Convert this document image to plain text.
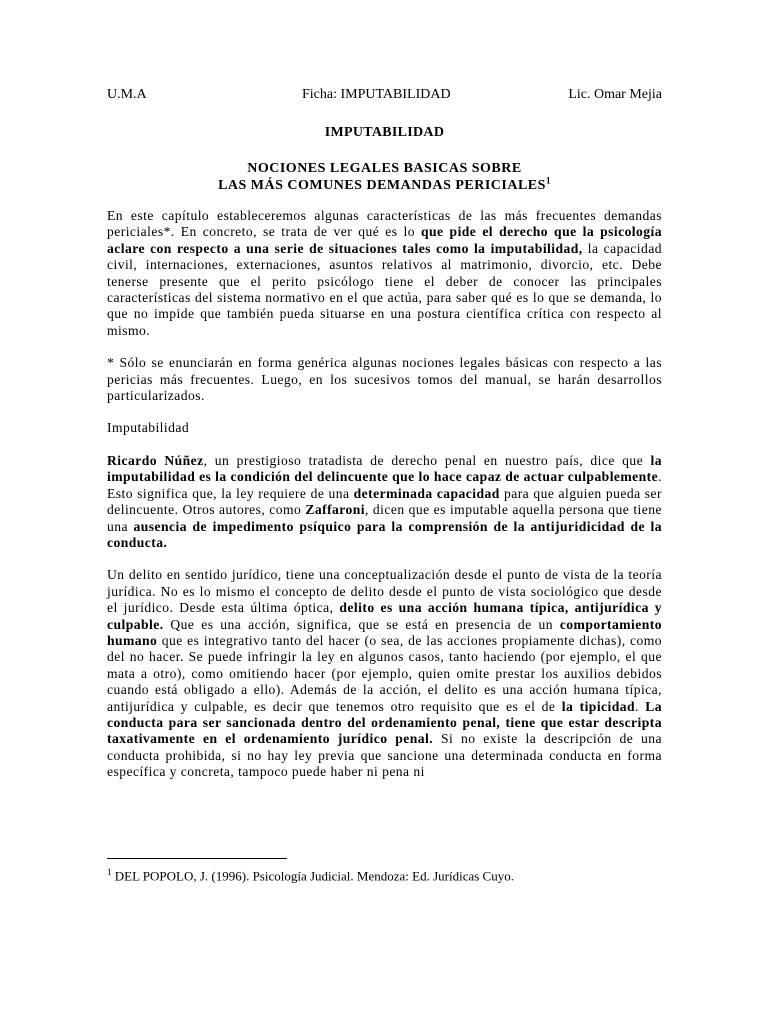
U.M.A	Ficha: IMPUTABILIDAD	Lic. Omar Mejia
IMPUTABILIDAD
NOCIONES LEGALES BASICAS SOBRE
LAS MÁS COMUNES DEMANDAS PERICIALES$^1$

En este capítulo estableceremos algunas características de las más frecuentes demandas periciales*. En concreto, se trata de ver qué es lo que pide el derecho que la psicología aclare con respecto a una serie de situaciones tales como la imputabilidad, la capacidad civil, internaciones, externaciones, asuntos relativos al matrimonio, divorcio, etc. Debe tenerse presente que el perito psicólogo tiene el deber de conocer las principales características del sistema normativo en el que actúa, para saber qué es lo que se demanda, lo que no impide que también pueda situarse en una postura científica crítica con respecto al mismo.

* Sólo se enunciarán en forma genérica algunas nociones legales básicas con respecto a las pericias más frecuentes. Luego, en los sucesivos tomos del manual, se harán desarrollos particularizados.

Imputabilidad

Ricardo Núñez, un prestigioso tratadista de derecho penal en nuestro país, dice que la imputabilidad es la condición del delincuente que lo hace capaz de actuar culpablemente. Esto significa que, la ley requiere de una determinada capacidad para que alguien pueda ser delincuente. Otros autores, como Zaffaroni, dicen que es imputable aquella persona que tiene una ausencia de impedimento psíquico para la comprensión de la antijuridicidad de la conducta.

Un delito en sentido jurídico, tiene una conceptualización desde el punto de vista de la teoría jurídica. No es lo mismo el concepto de delito desde el punto de vista sociológico que desde el jurídico. Desde esta última óptica, delito es una acción humana típica, antijurídica y culpable. Que es una acción, significa, que se está en presencia de un comportamiento humano que es integrativo tanto del hacer (o sea, de las acciones propiamente dichas), como del no hacer. Se puede infringir la ley en algunos casos, tanto haciendo (por ejemplo, el que mata a otro), como omitiendo hacer (por ejemplo, quien omite prestar los auxilios debidos cuando está obligado a ello). Además de la acción, el delito es una acción humana típica, antijurídica y culpable, es decir que tenemos otro requisito que es el de la tipicidad. La conducta para ser sancionada dentro del ordenamiento penal, tiene que estar descripta taxativamente en el ordenamiento jurídico penal. Si no existe la descripción de una conducta prohibida, si no hay ley previa que sancione una determinada conducta en forma específica y concreta, tampoco puede haber ni pena ni

$^1$ DEL POPOLO, J. (1996). Psicología Judicial. Mendoza: Ed. Jurídicas Cuyo.
